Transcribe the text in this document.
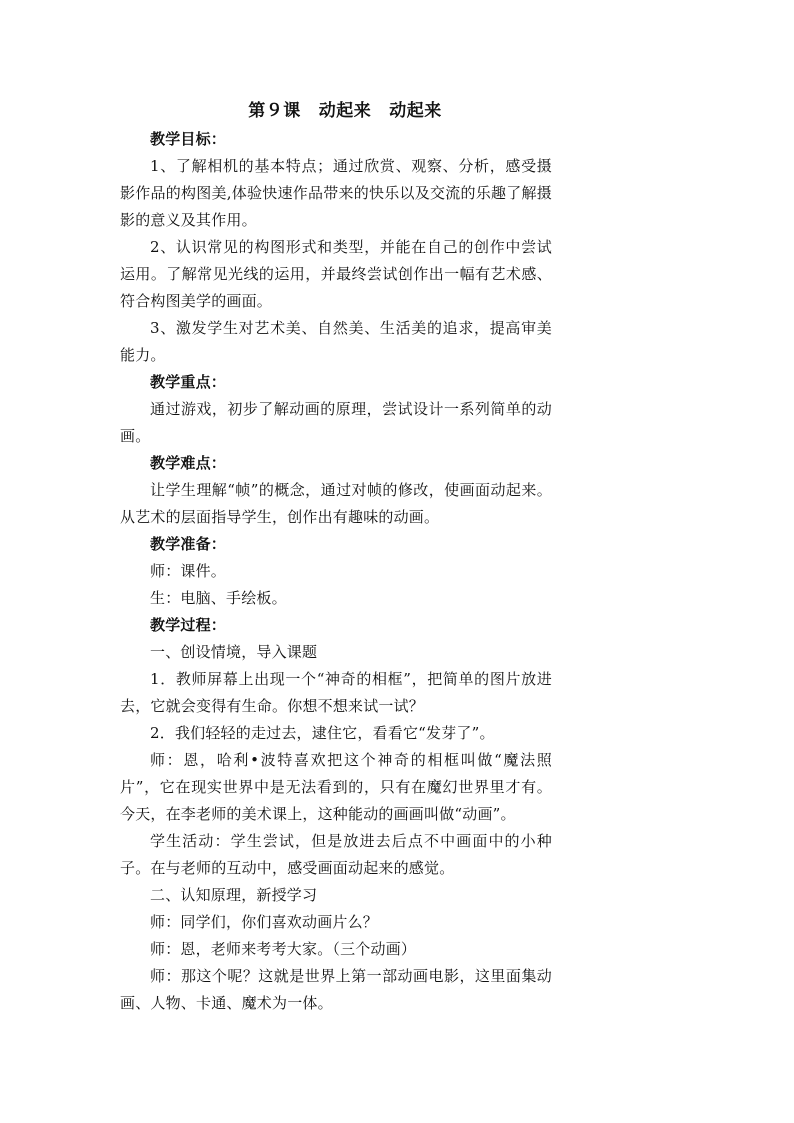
第９课 动起来 动起来

教学目标：

1、了解相机的基本特点；通过欣赏、观察、分析，感受摄影作品的构图美,体验快速作品带来的快乐以及交流的乐趣了解摄影的意义及其作用。

2、认识常见的构图形式和类型，并能在自己的创作中尝试运用。了解常见光线的运用，并最终尝试创作出一幅有艺术感、符合构图美学的画面。

3、激发学生对艺术美、自然美、生活美的追求，提高审美能力。

教学重点：

通过游戏，初步了解动画的原理，尝试设计一系列简单的动画。

教学难点：

让学生理解“帧”的概念，通过对帧的修改，使画面动起来。从艺术的层面指导学生，创作出有趣味的动画。

教学准备：

师：课件。

生：电脑、手绘板。

教学过程：

一、创设情境，导入课题

1．教师屏幕上出现一个“神奇的相框”，把简单的图片放进去，它就会变得有生命。你想不想来试一试？

2．我们轻轻的走过去，逮住它，看看它“发芽了”。

师：恩，哈利•波特喜欢把这个神奇的相框叫做“魔法照片”，它在现实世界中是无法看到的，只有在魔幻世界里才有。今天，在李老师的美术课上，这种能动的画画叫做“动画”。

学生活动：学生尝试，但是放进去后点不中画面中的小种子。在与老师的互动中，感受画面动起来的感觉。

二、认知原理，新授学习

师：同学们，你们喜欢动画片么？

师：恩，老师来考考大家。（三个动画）

师：那这个呢？这就是世界上第一部动画电影，这里面集动画、人物、卡通、魔术为一体。
